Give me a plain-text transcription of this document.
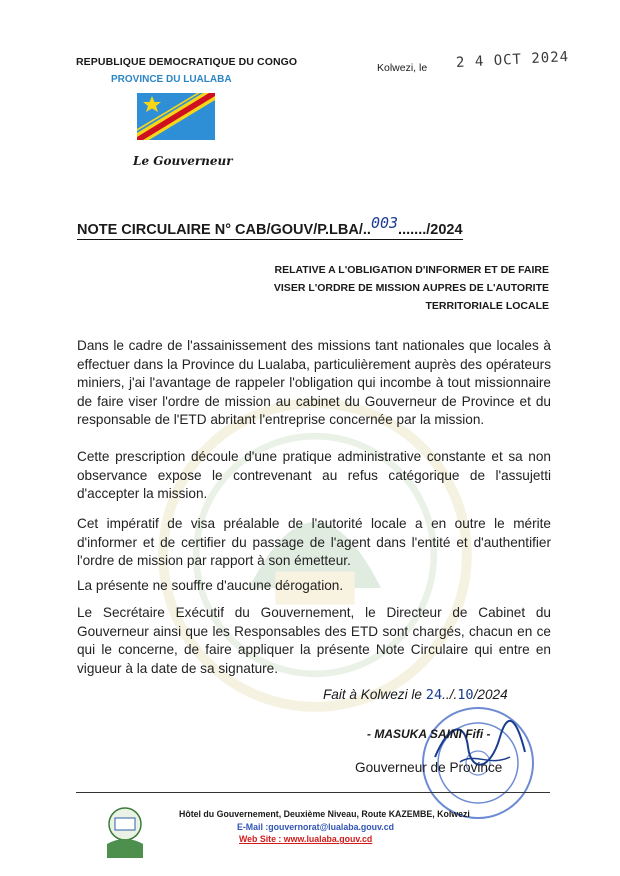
REPUBLIQUE DEMOCRATIQUE DU CONGO
PROVINCE DU LUALABA
Le Gouverneur
Kolwezi, le 2 4 OCT 2024
NOTE CIRCULAIRE N° CAB/GOUV/P.LBA/..003......./2024
RELATIVE A L'OBLIGATION D'INFORMER ET DE FAIRE VISER L'ORDRE DE MISSION AUPRES DE L'AUTORITE TERRITORIALE LOCALE
Dans le cadre de l'assainissement des missions tant nationales que locales à effectuer dans la Province du Lualaba, particulièrement auprès des opérateurs miniers, j'ai l'avantage de rappeler l'obligation qui incombe à tout missionnaire de faire viser l'ordre de mission au cabinet du Gouverneur de Province et du responsable de l'ETD abritant l'entreprise concernée par la mission.
Cette prescription découle d'une pratique administrative constante et sa non observance expose le contrevenant au refus catégorique de l'assujetti d'accepter la mission.
Cet impératif de visa préalable de l'autorité locale a en outre le mérite d'informer et de certifier du passage de l'agent dans l'entité et d'authentifier l'ordre de mission par rapport à son émetteur.
La présente ne souffre d'aucune dérogation.
Le Secrétaire Exécutif du Gouvernement, le Directeur de Cabinet du Gouverneur ainsi que les Responsables des ETD sont chargés, chacun en ce qui le concerne, de faire appliquer la présente Note Circulaire qui entre en vigueur à la date de sa signature.
Fait à Kolwezi le 24../.10/2024
- MASUKA SAINI Fifi -
Gouverneur de Province
Hôtel du Gouvernement, Deuxième Niveau, Route KAZEMBE, Kolwezi
E-Mail :gouvernorat@lualaba.gouv.cd
Web Site : www.lualaba.gouv.cd
